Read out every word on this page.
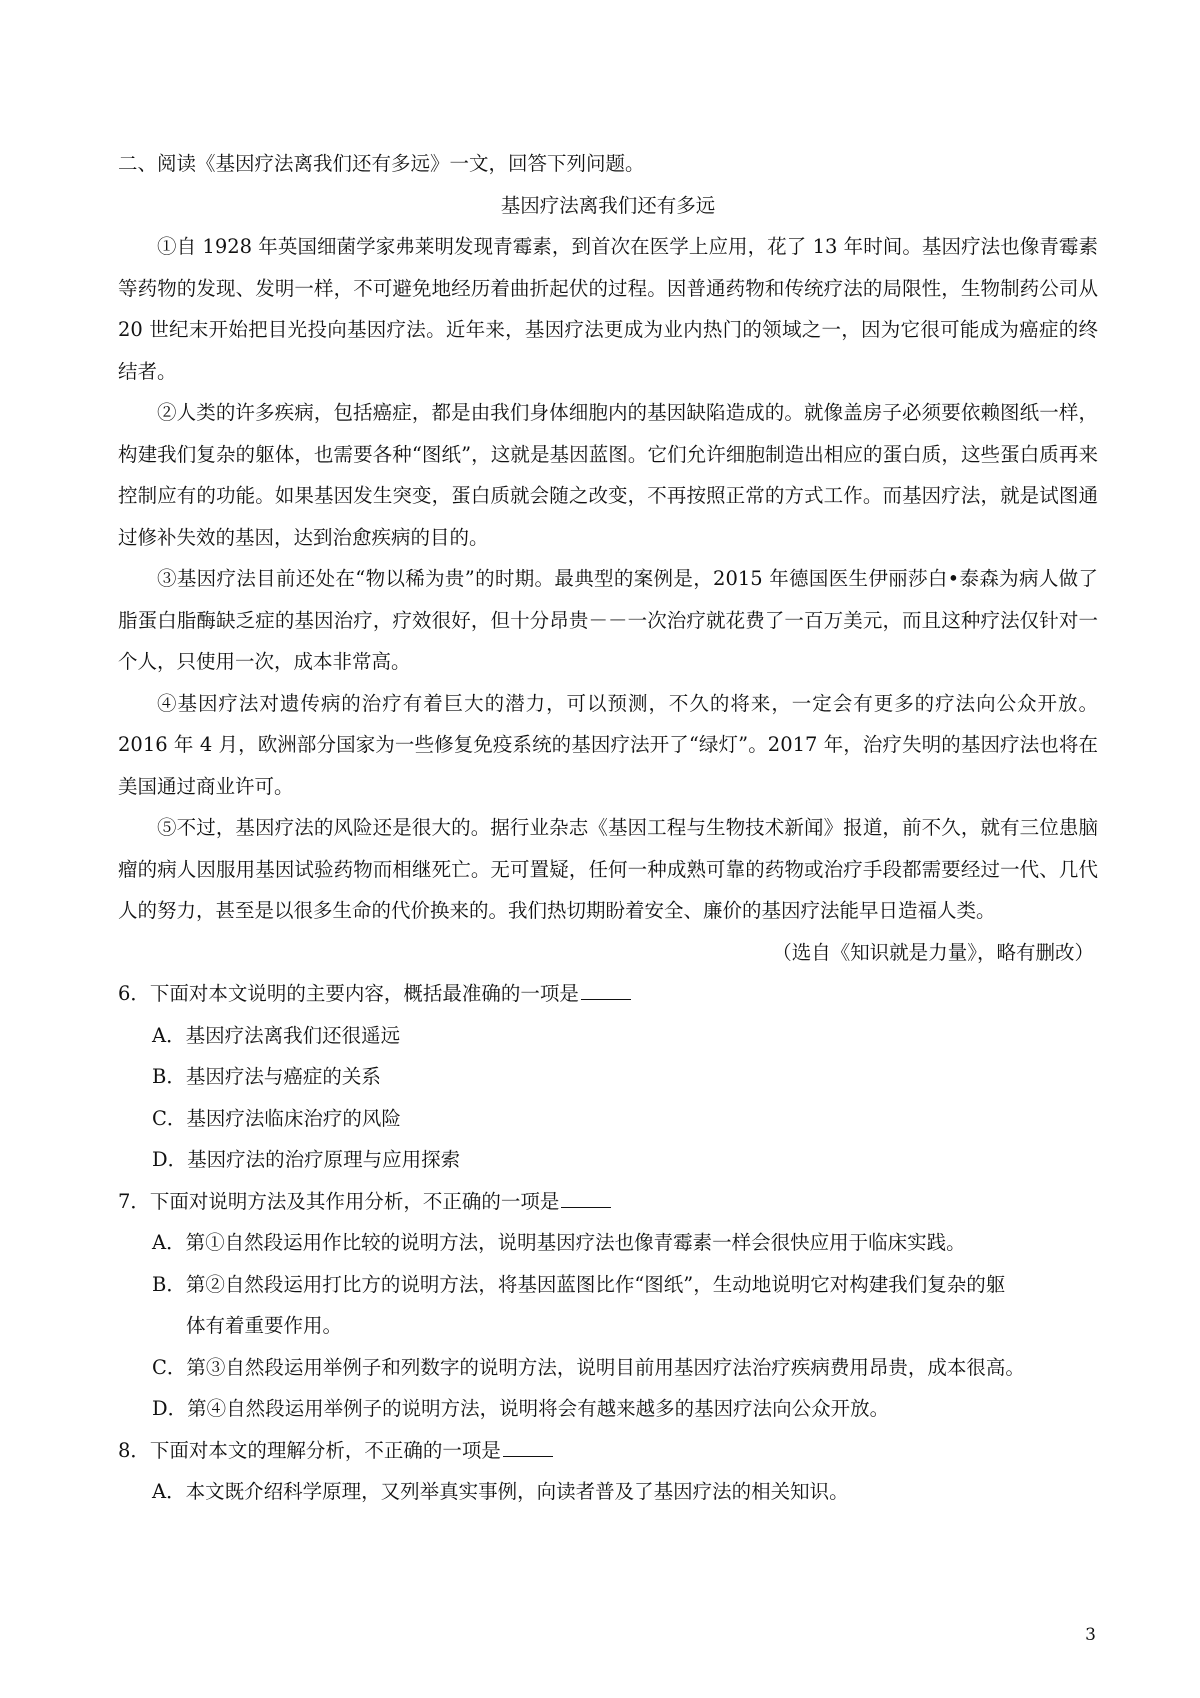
二、阅读《基因疗法离我们还有多远》一文，回答下列问题。

基因疗法离我们还有多远

①自 1928 年英国细菌学家弗莱明发现青霉素，到首次在医学上应用，花了 13 年时间。基因疗法也像青霉素等药物的发现、发明一样，不可避免地经历着曲折起伏的过程。因普通药物和传统疗法的局限性，生物制药公司从 20 世纪末开始把目光投向基因疗法。近年来，基因疗法更成为业内热门的领域之一，因为它很可能成为癌症的终结者。

②人类的许多疾病，包括癌症，都是由我们身体细胞内的基因缺陷造成的。就像盖房子必须要依赖图纸一样，构建我们复杂的躯体，也需要各种“图纸”，这就是基因蓝图。它们允许细胞制造出相应的蛋白质，这些蛋白质再来控制应有的功能。如果基因发生突变，蛋白质就会随之改变，不再按照正常的方式工作。而基因疗法，就是试图通过修补失效的基因，达到治愈疾病的目的。

③基因疗法目前还处在“物以稀为贵”的时期。最典型的案例是，2015 年德国医生伊丽莎白•泰森为病人做了脂蛋白脂酶缺乏症的基因治疗，疗效很好，但十分昂贵－－一次治疗就花费了一百万美元，而且这种疗法仅针对一个人，只使用一次，成本非常高。

④基因疗法对遗传病的治疗有着巨大的潜力，可以预测，不久的将来，一定会有更多的疗法向公众开放。2016 年 4 月，欧洲部分国家为一些修复免疫系统的基因疗法开了“绿灯”。2017 年，治疗失明的基因疗法也将在美国通过商业许可。

⑤不过，基因疗法的风险还是很大的。据行业杂志《基因工程与生物技术新闻》报道，前不久，就有三位患脑瘤的病人因服用基因试验药物而相继死亡。无可置疑，任何一种成熟可靠的药物或治疗手段都需要经过一代、几代人的努力，甚至是以很多生命的代价换来的。我们热切期盼着安全、廉价的基因疗法能早日造福人类。

（选自《知识就是力量》，略有删改）

6．下面对本文说明的主要内容，概括最准确的一项是

A．基因疗法离我们还很遥远

B．基因疗法与癌症的关系

C．基因疗法临床治疗的风险

D．基因疗法的治疗原理与应用探索

7．下面对说明方法及其作用分析，不正确的一项是

A．第①自然段运用作比较的说明方法，说明基因疗法也像青霉素一样会很快应用于临床实践。

B．第②自然段运用打比方的说明方法，将基因蓝图比作“图纸”，生动地说明它对构建我们复杂的躯
体有着重要作用。

C．第③自然段运用举例子和列数字的说明方法，说明目前用基因疗法治疗疾病费用昂贵，成本很高。

D．第④自然段运用举例子的说明方法，说明将会有越来越多的基因疗法向公众开放。

8．下面对本文的理解分析，不正确的一项是

A．本文既介绍科学原理，又列举真实事例，向读者普及了基因疗法的相关知识。

3
